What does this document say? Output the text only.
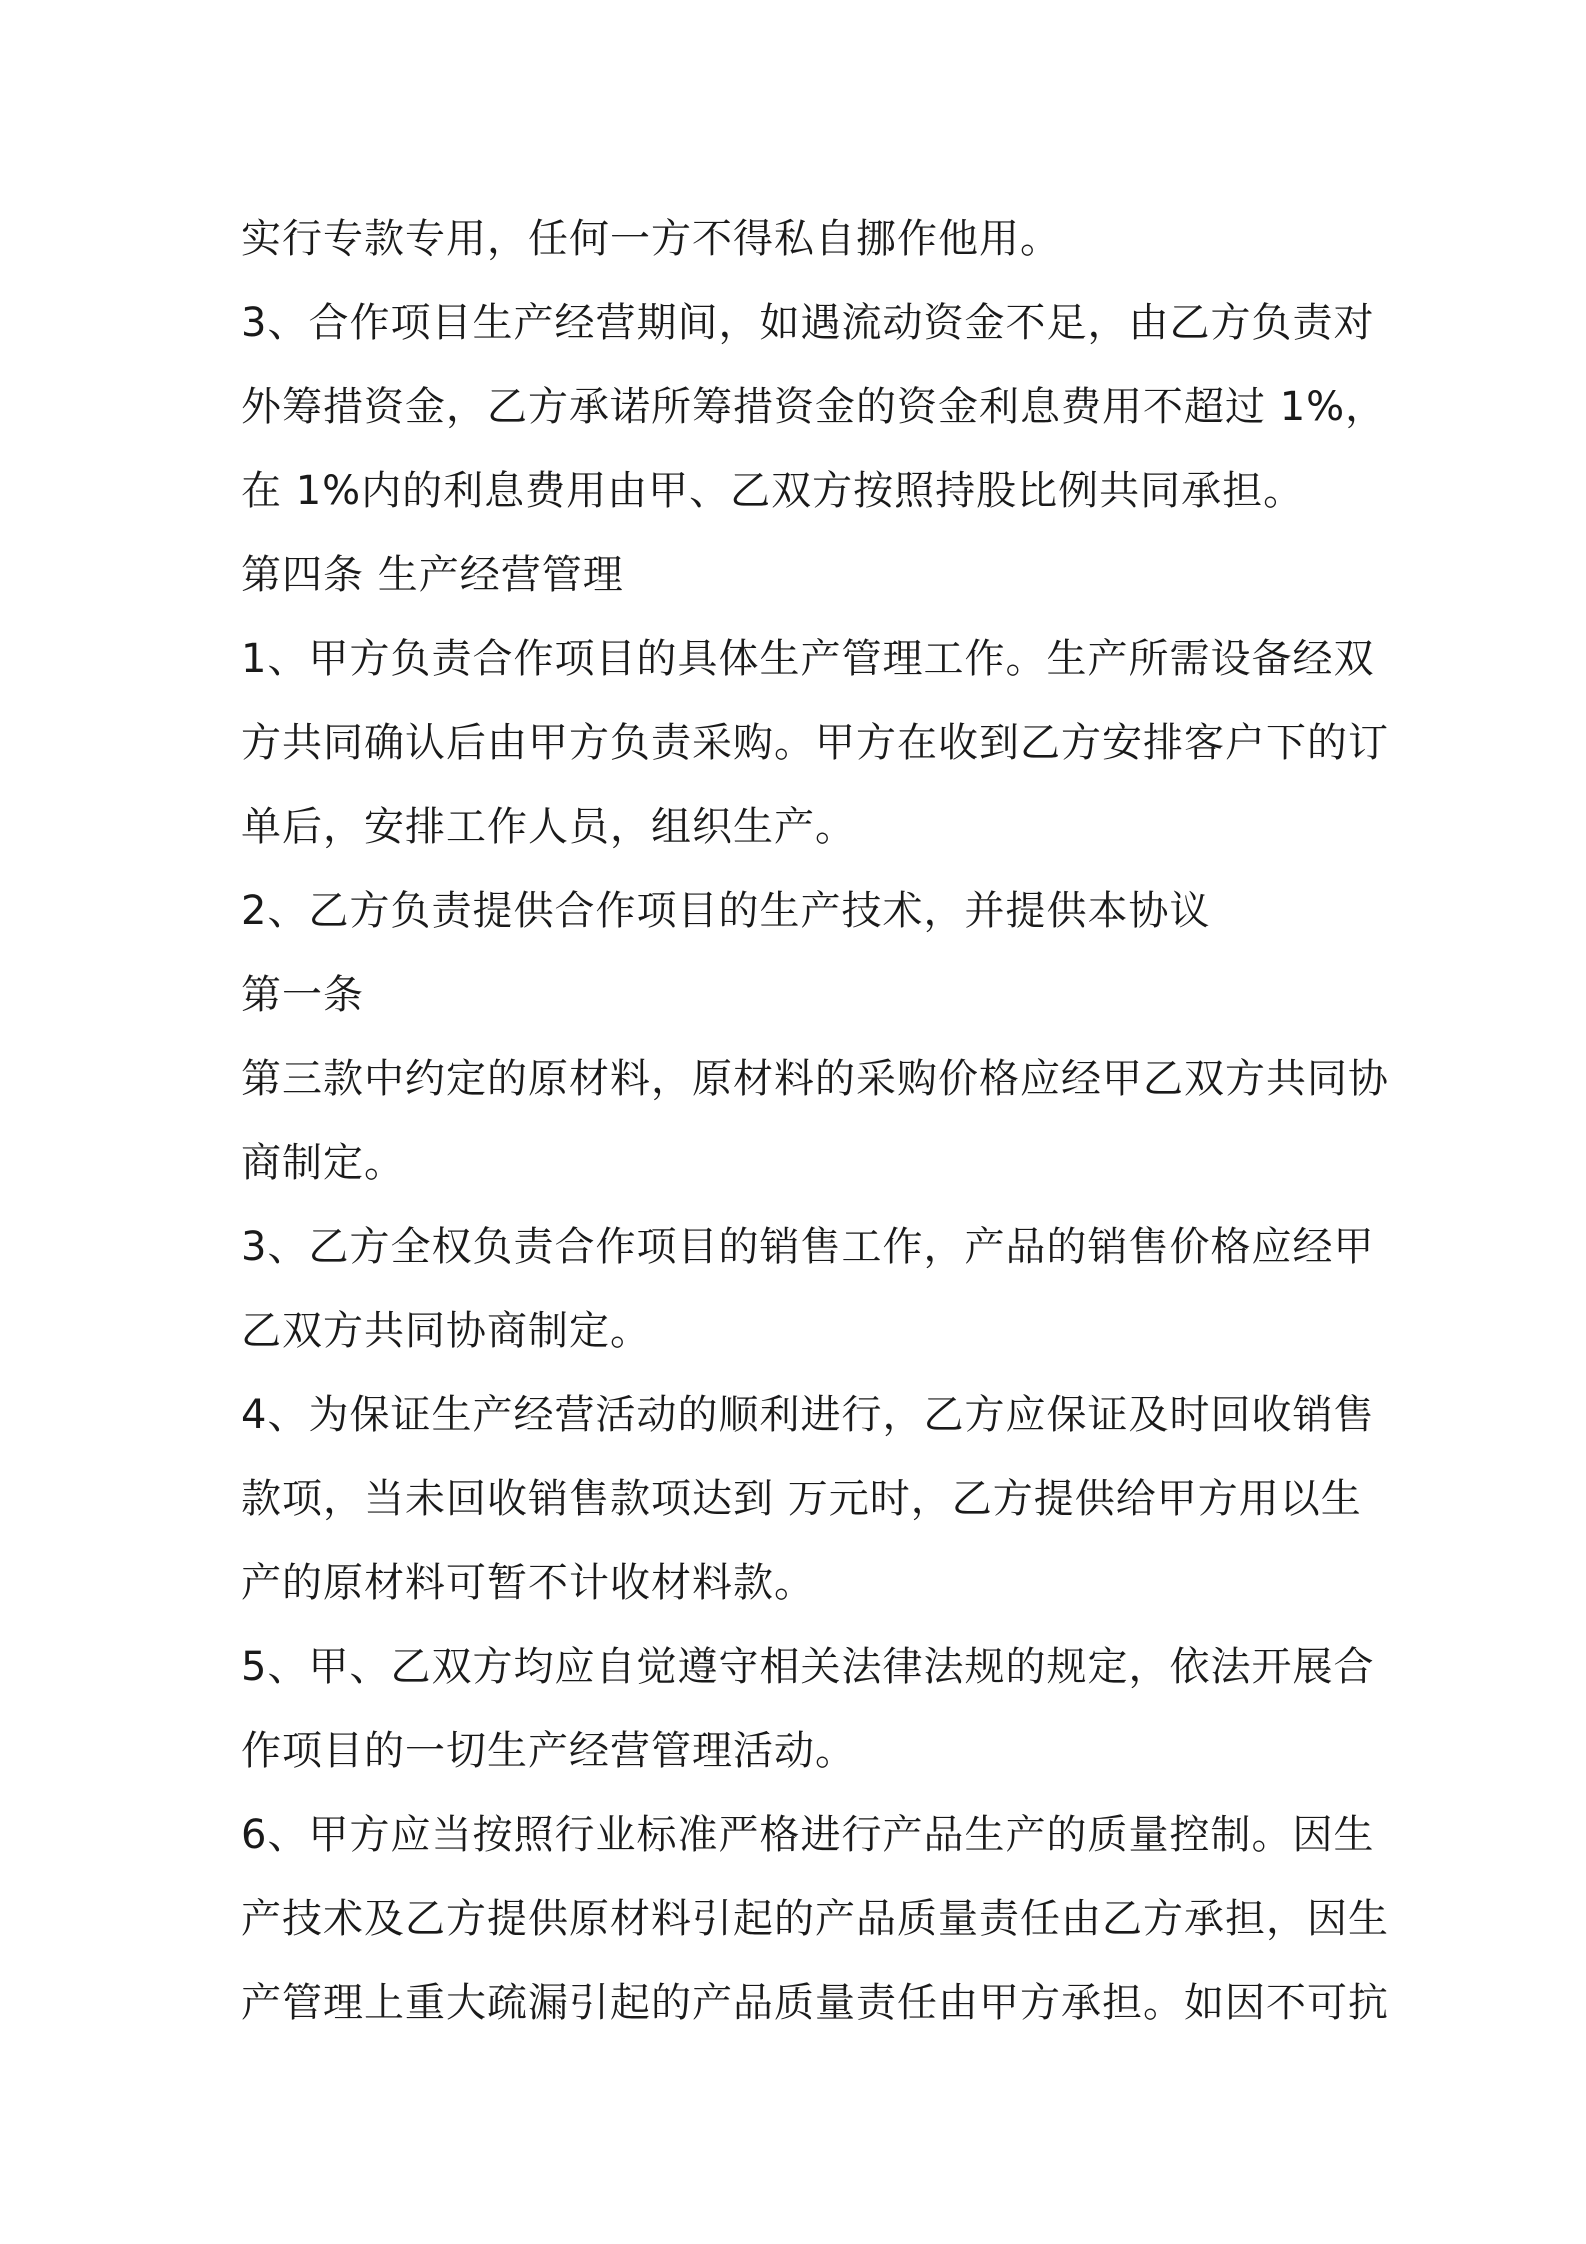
实行专款专用，任何一方不得私自挪作他用。
3、合作项目生产经营期间，如遇流动资金不足，由乙方负责对
外筹措资金，乙方承诺所筹措资金的资金利息费用不超过 1%，
在 1%内的利息费用由甲、乙双方按照持股比例共同承担。
第四条 生产经营管理
1、甲方负责合作项目的具体生产管理工作。生产所需设备经双
方共同确认后由甲方负责采购。甲方在收到乙方安排客户下的订
单后，安排工作人员，组织生产。
2、乙方负责提供合作项目的生产技术，并提供本协议
第一条
第三款中约定的原材料，原材料的采购价格应经甲乙双方共同协
商制定。
3、乙方全权负责合作项目的销售工作，产品的销售价格应经甲
乙双方共同协商制定。
4、为保证生产经营活动的顺利进行，乙方应保证及时回收销售
款项，当未回收销售款项达到 万元时，乙方提供给甲方用以生
产的原材料可暂不计收材料款。
5、甲、乙双方均应自觉遵守相关法律法规的规定，依法开展合
作项目的一切生产经营管理活动。
6、甲方应当按照行业标准严格进行产品生产的质量控制。因生
产技术及乙方提供原材料引起的产品质量责任由乙方承担，因生
产管理上重大疏漏引起的产品质量责任由甲方承担。如因不可抗
